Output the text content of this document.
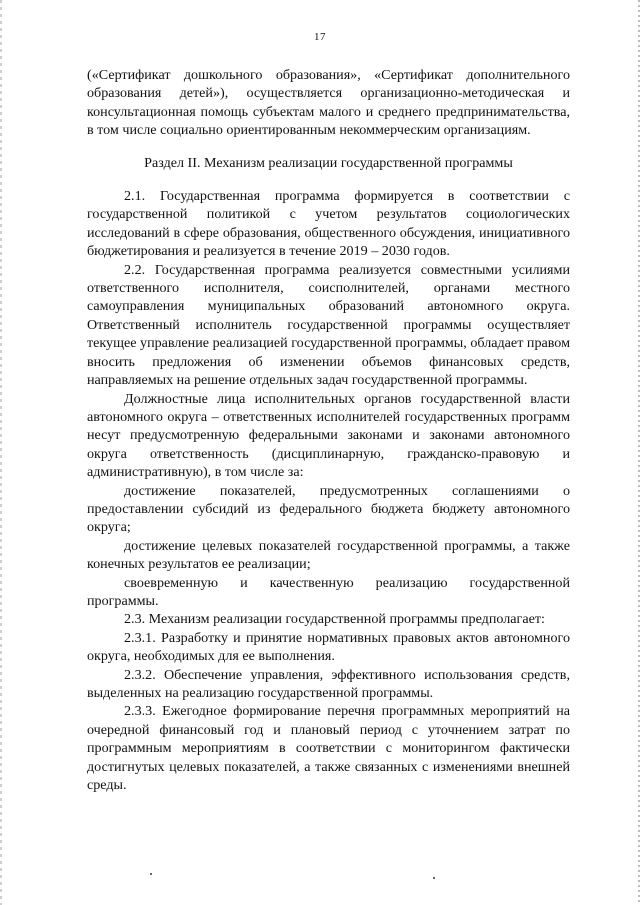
17

(«Сертификат дошкольного образования», «Сертификат дополнительного образования детей»), осуществляется организационно-методическая и консультационная помощь субъектам малого и среднего предпринимательства, в том числе социально ориентированным некоммерческим организациям.

Раздел II. Механизм реализации государственной программы

2.1. Государственная программа формируется в соответствии с государственной политикой с учетом результатов социологических исследований в сфере образования, общественного обсуждения, инициативного бюджетирования и реализуется в течение 2019 – 2030 годов.

2.2. Государственная программа реализуется совместными усилиями ответственного исполнителя, соисполнителей, органами местного самоуправления муниципальных образований автономного округа. Ответственный исполнитель государственной программы осуществляет текущее управление реализацией государственной программы, обладает правом вносить предложения об изменении объемов финансовых средств, направляемых на решение отдельных задач государственной программы.

Должностные лица исполнительных органов государственной власти автономного округа – ответственных исполнителей государственных программ несут предусмотренную федеральными законами и законами автономного округа ответственность (дисциплинарную, гражданско-правовую и административную), в том числе за:

достижение показателей, предусмотренных соглашениями о предоставлении субсидий из федерального бюджета бюджету автономного округа;

достижение целевых показателей государственной программы, а также конечных результатов ее реализации;

своевременную и качественную реализацию государственной программы.

2.3. Механизм реализации государственной программы предполагает:

2.3.1. Разработку и принятие нормативных правовых актов автономного округа, необходимых для ее выполнения.

2.3.2. Обеспечение управления, эффективного использования средств, выделенных на реализацию государственной программы.

2.3.3. Ежегодное формирование перечня программных мероприятий на очередной финансовый год и плановый период с уточнением затрат по программным мероприятиям в соответствии с мониторингом фактически достигнутых целевых показателей, а также связанных с изменениями внешней среды.
